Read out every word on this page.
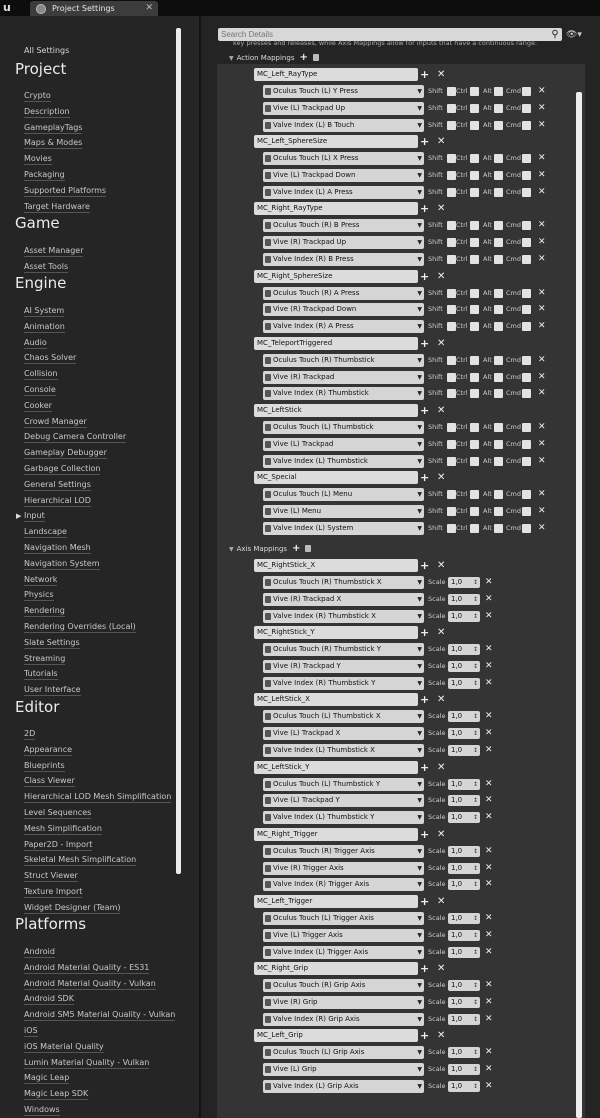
u	Project Settings	✕
All Settings
Project
Crypto
Description
GameplayTags
Maps & Modes
Movies
Packaging
Supported Platforms
Target Hardware
Game
Asset Manager
Asset Tools
Engine
AI System
Animation
Audio
Chaos Solver
Collision
Console
Cooker
Crowd Manager
Debug Camera Controller
Gameplay Debugger
Garbage Collection
General Settings
Hierarchical LOD
Input
▶
Landscape
Navigation Mesh
Navigation System
Network
Physics
Rendering
Rendering Overrides (Local)
Slate Settings
Streaming
Tutorials
User Interface
Editor
2D
Appearance
Blueprints
Class Viewer
Hierarchical LOD Mesh Simplification
Level Sequences
Mesh Simplification
Paper2D - Import
Skeletal Mesh Simplification
Struct Viewer
Texture Import
Widget Designer (Team)
Platforms
Android
Android Material Quality - ES31
Android Material Quality - Vulkan
Android SDK
Android SM5 Material Quality - Vulkan
iOS
iOS Material Quality
Lumin Material Quality - Vulkan
Magic Leap
Magic Leap SDK
Windows
Search Details
⚲ 👁▾
key presses and releases, while Axis Mappings allow for inputs that have a continuous range.
▼ Action Mappings +
MC_Left_RayType	+ ✕
Oculus Touch (L) Y Press	▼ Shift Ctrl Alt Cmd ✕
Vive (L) Trackpad Up	▼ Shift Ctrl Alt Cmd ✕
Valve Index (L) B Touch	▼ Shift Ctrl Alt Cmd ✕
MC_Left_SphereSize	+ ✕
Oculus Touch (L) X Press	▼ Shift Ctrl Alt Cmd ✕
Vive (L) Trackpad Down	▼ Shift Ctrl Alt Cmd ✕
Valve Index (L) A Press	▼ Shift Ctrl Alt Cmd ✕
MC_Right_RayType	+ ✕
Oculus Touch (R) B Press	▼ Shift Ctrl Alt Cmd ✕
Vive (R) Trackpad Up	▼ Shift Ctrl Alt Cmd ✕
Valve Index (R) B Press	▼ Shift Ctrl Alt Cmd ✕
MC_Right_SphereSize	+ ✕
Oculus Touch (R) A Press	▼ Shift Ctrl Alt Cmd ✕
Vive (R) Trackpad Down	▼ Shift Ctrl Alt Cmd ✕
Valve Index (R) A Press	▼ Shift Ctrl Alt Cmd ✕
MC_TeleportTriggered	+ ✕
Oculus Touch (R) Thumbstick	▼ Shift Ctrl Alt Cmd ✕
Vive (R) Trackpad	▼ Shift Ctrl Alt Cmd ✕
Valve Index (R) Thumbstick	▼ Shift Ctrl Alt Cmd ✕
MC_LeftStick	+ ✕
Oculus Touch (L) Thumbstick	▼ Shift Ctrl Alt Cmd ✕
Vive (L) Trackpad	▼ Shift Ctrl Alt Cmd ✕
Valve Index (L) Thumbstick	▼ Shift Ctrl Alt Cmd ✕
MC_Special	+ ✕
Oculus Touch (L) Menu	▼ Shift Ctrl Alt Cmd ✕
Vive (L) Menu	▼ Shift Ctrl Alt Cmd ✕
Valve Index (L) System	▼ Shift Ctrl Alt Cmd ✕
▼ Axis Mappings +
MC_RightStick_X	+ ✕
Oculus Touch (R) Thumbstick X	▼ Scale 1,0 ↕ ✕
Vive (R) Trackpad X	▼ Scale 1,0 ↕ ✕
Valve Index (R) Thumbstick X	▼ Scale 1,0 ↕ ✕
MC_RightStick_Y	+ ✕
Oculus Touch (R) Thumbstick Y	▼ Scale 1,0 ↕ ✕
Vive (R) Trackpad Y	▼ Scale 1,0 ↕ ✕
Valve Index (R) Thumbstick Y	▼ Scale 1,0 ↕ ✕
MC_LeftStick_X	+ ✕
Oculus Touch (L) Thumbstick X	▼ Scale 1,0 ↕ ✕
Vive (L) Trackpad X	▼ Scale 1,0 ↕ ✕
Valve Index (L) Thumbstick X	▼ Scale 1,0 ↕ ✕
MC_LeftStick_Y	+ ✕
Oculus Touch (L) Thumbstick Y	▼ Scale 1,0 ↕ ✕
Vive (L) Trackpad Y	▼ Scale 1,0 ↕ ✕
Valve Index (L) Thumbstick Y	▼ Scale 1,0 ↕ ✕
MC_Right_Trigger	+ ✕
Oculus Touch (R) Trigger Axis	▼ Scale 1,0 ↕ ✕
Vive (R) Trigger Axis	▼ Scale 1,0 ↕ ✕
Valve Index (R) Trigger Axis	▼ Scale 1,0 ↕ ✕
MC_Left_Trigger	+ ✕
Oculus Touch (L) Trigger Axis	▼ Scale 1,0 ↕ ✕
Vive (L) Trigger Axis	▼ Scale 1,0 ↕ ✕
Valve Index (L) Trigger Axis	▼ Scale 1,0 ↕ ✕
MC_Right_Grip	+ ✕
Oculus Touch (R) Grip Axis	▼ Scale 1,0 ↕ ✕
Vive (R) Grip	▼ Scale 1,0 ↕ ✕
Valve Index (R) Grip Axis	▼ Scale 1,0 ↕ ✕
MC_Left_Grip	+ ✕
Oculus Touch (L) Grip Axis	▼ Scale 1,0 ↕ ✕
Vive (L) Grip	▼ Scale 1,0 ↕ ✕
Valve Index (L) Grip Axis	▼ Scale 1,0 ↕ ✕
